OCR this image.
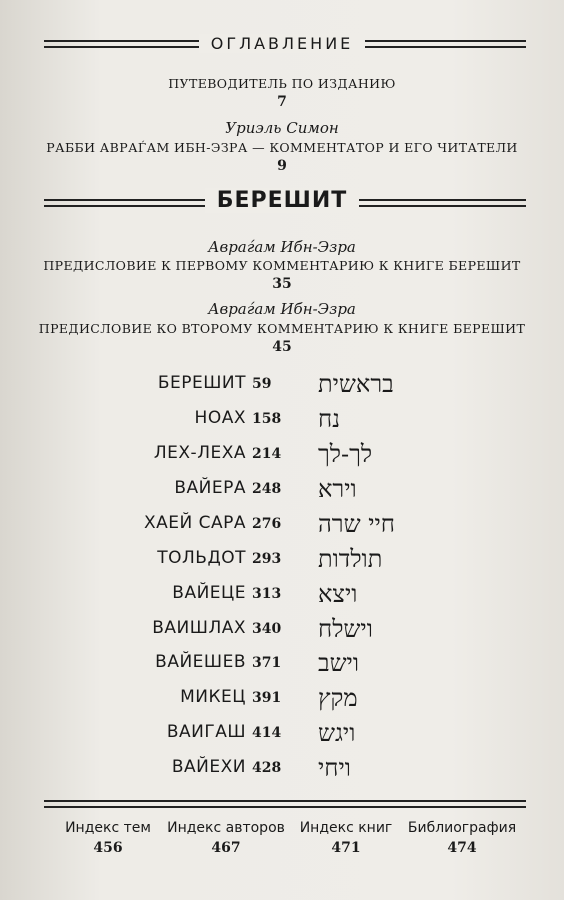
ОГЛАВЛЕНИЕ
ПУТЕВОДИТЕЛЬ ПО ИЗДАНИЮ
7
Уриэль Симон
РАББИ АВРАЃАМ ИБН-ЭЗРА — КОММЕНТАТОР И ЕГО ЧИТАТЕЛИ
9
БЕРЕШИТ
Авраѓам Ибн-Эзра
ПРЕДИСЛОВИЕ К ПЕРВОМУ КОММЕНТАРИЮ К КНИГЕ БЕРЕШИТ
35
Авраѓам Ибн-Эзра
ПРЕДИСЛОВИЕ КО ВТОРОМУ КОММЕНТАРИЮ К КНИГЕ БЕРЕШИТ
45
БЕРЕШИТ 59 בראשית
НОАХ 158 נח
ЛЕХ-ЛЕХА 214 לך-לך
ВАЙЕРА 248 וירא
ХАЕЙ САРА 276 חיי שרה
ТОЛЬДОТ 293 תולדות
ВАЙЕЦЕ 313 ויצא
ВАИШЛАХ 340 וישלח
ВАЙЕШЕВ 371 וישב
МИКЕЦ 391 מקץ
ВАИГАШ 414 ויגש
ВАЙЕХИ 428 ויחי
Индекс тем
456
Индекс авторов
467
Индекс книг
471
Библиография
474
